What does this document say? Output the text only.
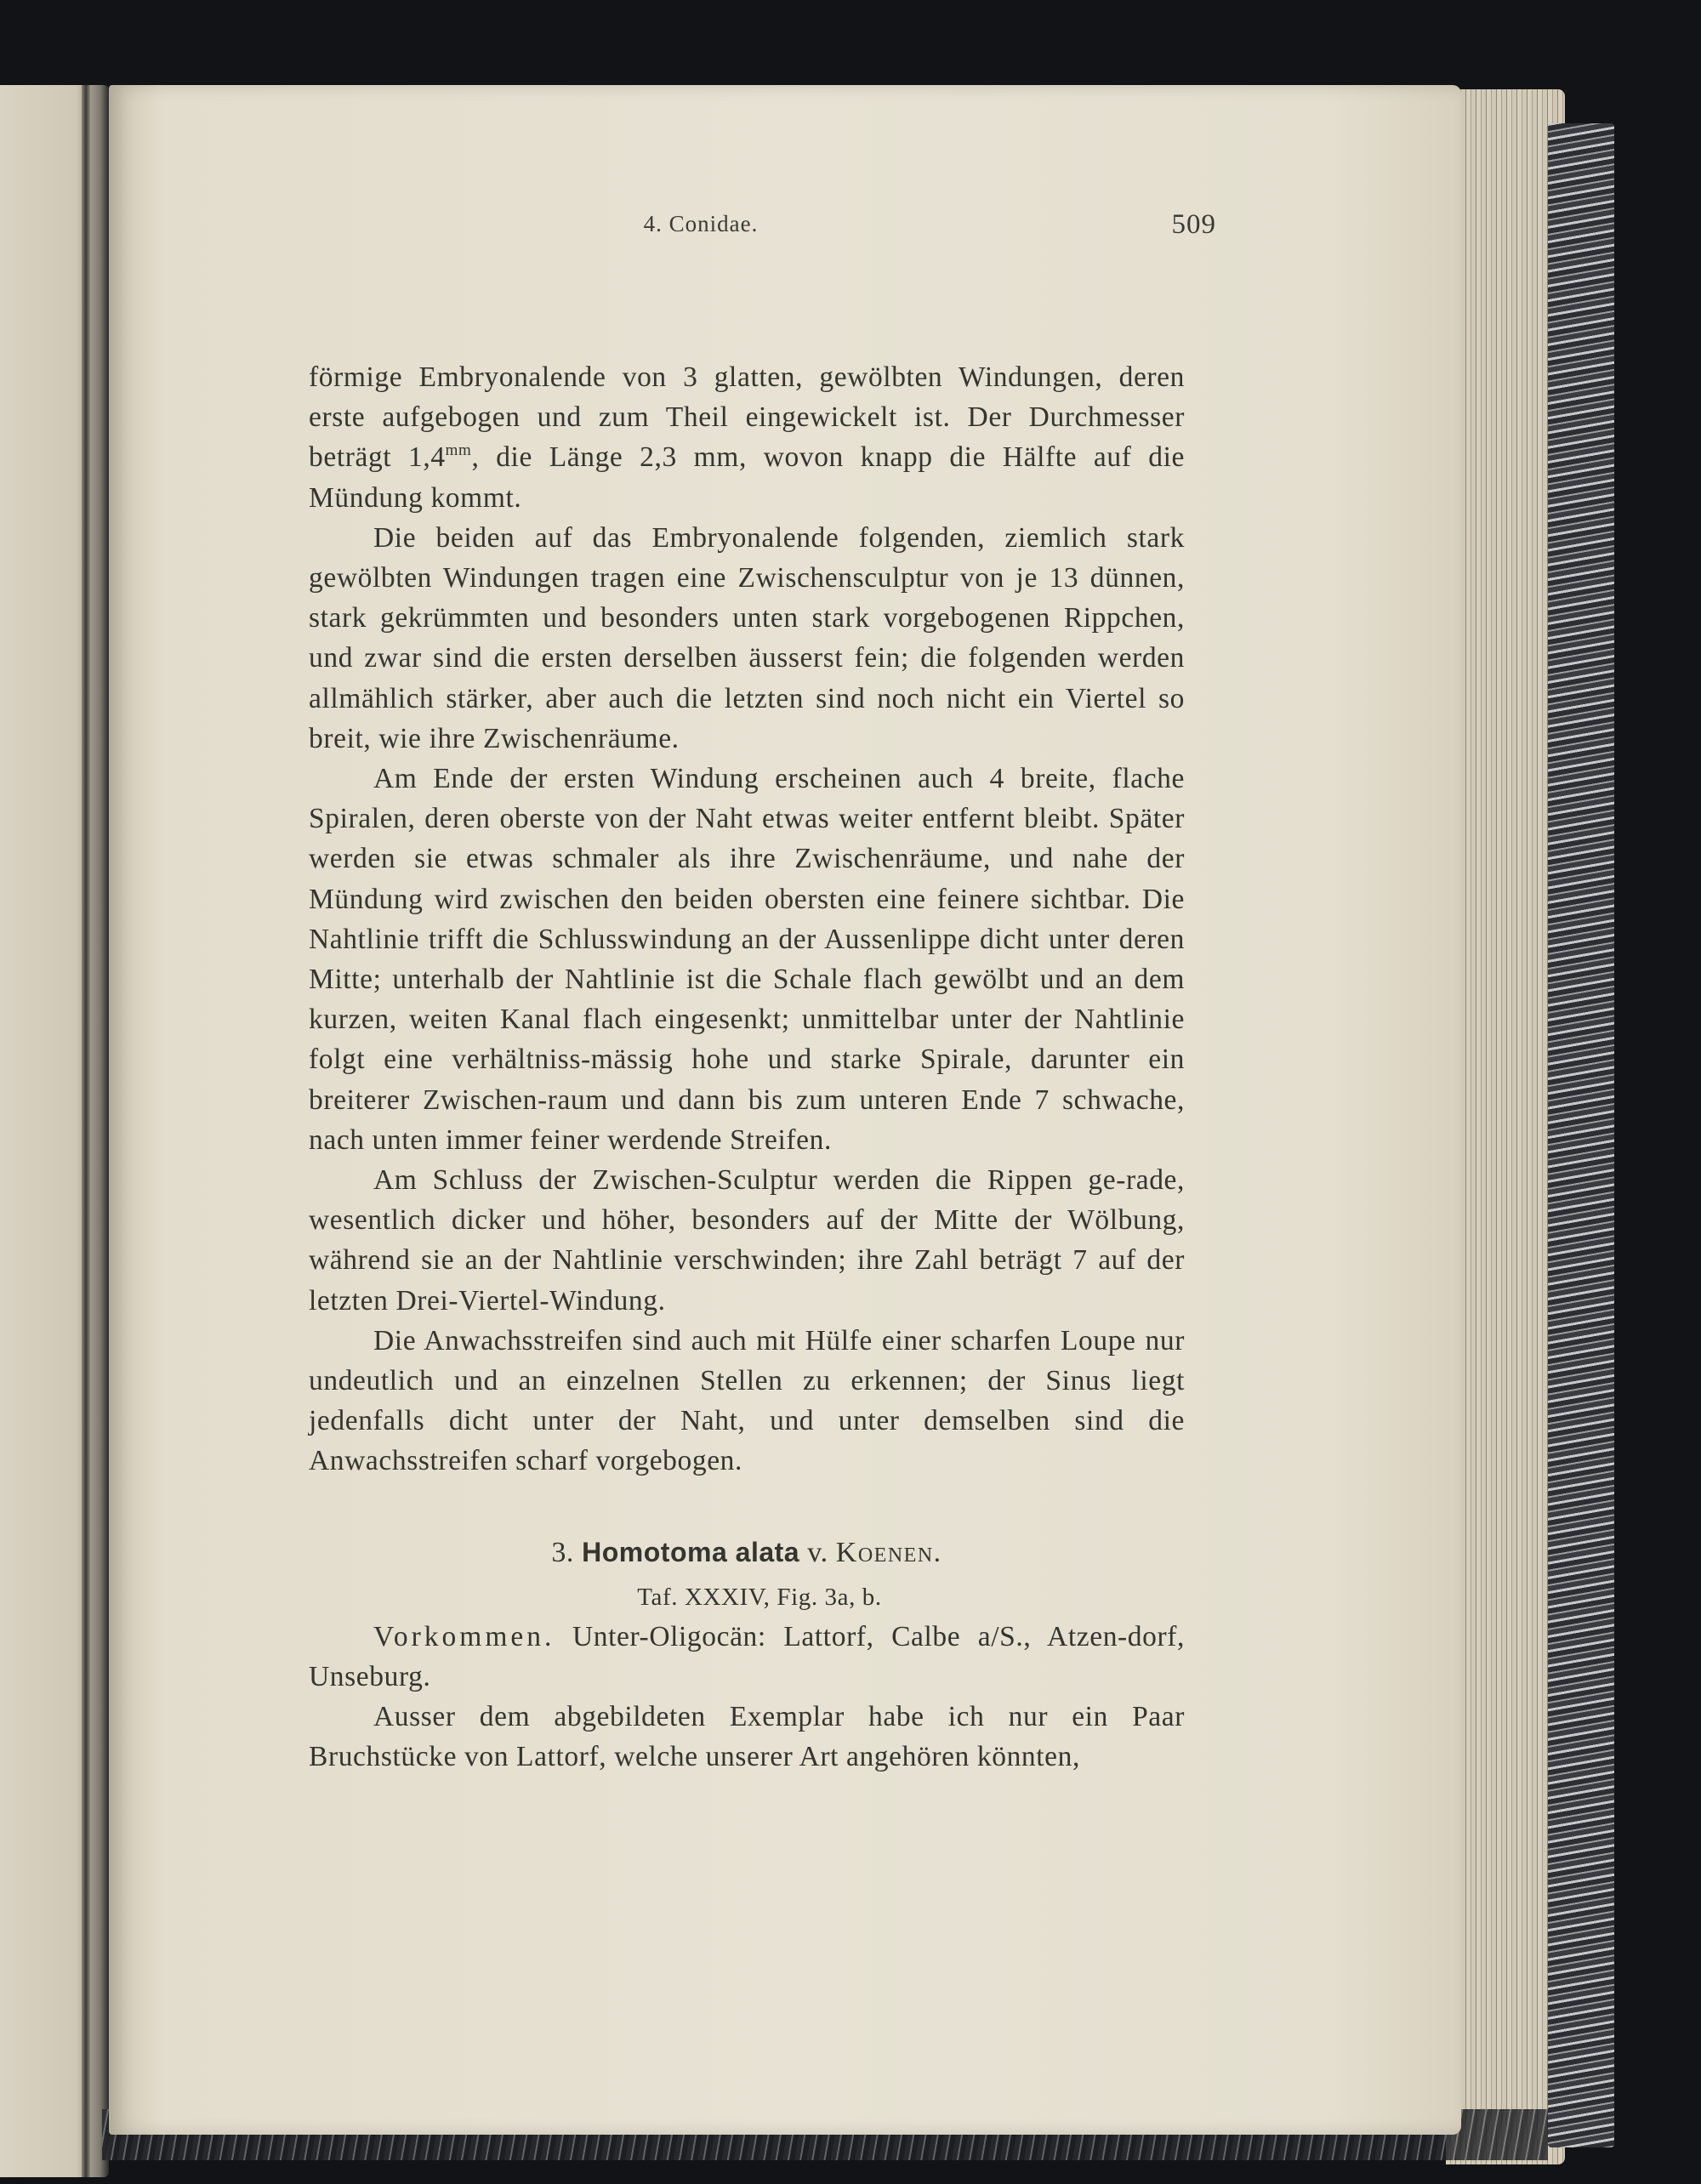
4. Conidae.	509

förmige Embryonalende von 3 glatten, gewölbten Windungen, deren erste aufgebogen und zum Theil eingewickelt ist. Der Durchmesser beträgt $1,4^{mm}$, die Länge 2,3 mm, wovon knapp die Hälfte auf die Mündung kommt.

Die beiden auf das Embryonalende folgenden, ziemlich stark gewölbten Windungen tragen eine Zwischensculptur von je 13 dünnen, stark gekrümmten und besonders unten stark vorgebogenen Rippchen, und zwar sind die ersten derselben äusserst fein; die folgenden werden allmählich stärker, aber auch die letzten sind noch nicht ein Viertel so breit, wie ihre Zwischenräume.

Am Ende der ersten Windung erscheinen auch 4 breite, flache Spiralen, deren oberste von der Naht etwas weiter entfernt bleibt. Später werden sie etwas schmaler als ihre Zwischenräume, und nahe der Mündung wird zwischen den beiden obersten eine feinere sichtbar. Die Nahtlinie trifft die Schlusswindung an der Aussenlippe dicht unter deren Mitte; unterhalb der Nahtlinie ist die Schale flach gewölbt und an dem kurzen, weiten Kanal flach eingesenkt; unmittelbar unter der Nahtlinie folgt eine verhältniss-mässig hohe und starke Spirale, darunter ein breiterer Zwischen-raum und dann bis zum unteren Ende 7 schwache, nach unten immer feiner werdende Streifen.

Am Schluss der Zwischen-Sculptur werden die Rippen ge-rade, wesentlich dicker und höher, besonders auf der Mitte der Wölbung, während sie an der Nahtlinie verschwinden; ihre Zahl beträgt 7 auf der letzten Drei-Viertel-Windung.

Die Anwachsstreifen sind auch mit Hülfe einer scharfen Loupe nur undeutlich und an einzelnen Stellen zu erkennen; der Sinus liegt jedenfalls dicht unter der Naht, und unter demselben sind die Anwachsstreifen scharf vorgebogen.

3. Homotoma alata v. Koenen.
Taf. XXXIV, Fig. 3a, b.

Vorkommen. Unter-Oligocän: Lattorf, Calbe a/S., Atzen-dorf, Unseburg.

Ausser dem abgebildeten Exemplar habe ich nur ein Paar Bruchstücke von Lattorf, welche unserer Art angehören könnten,
